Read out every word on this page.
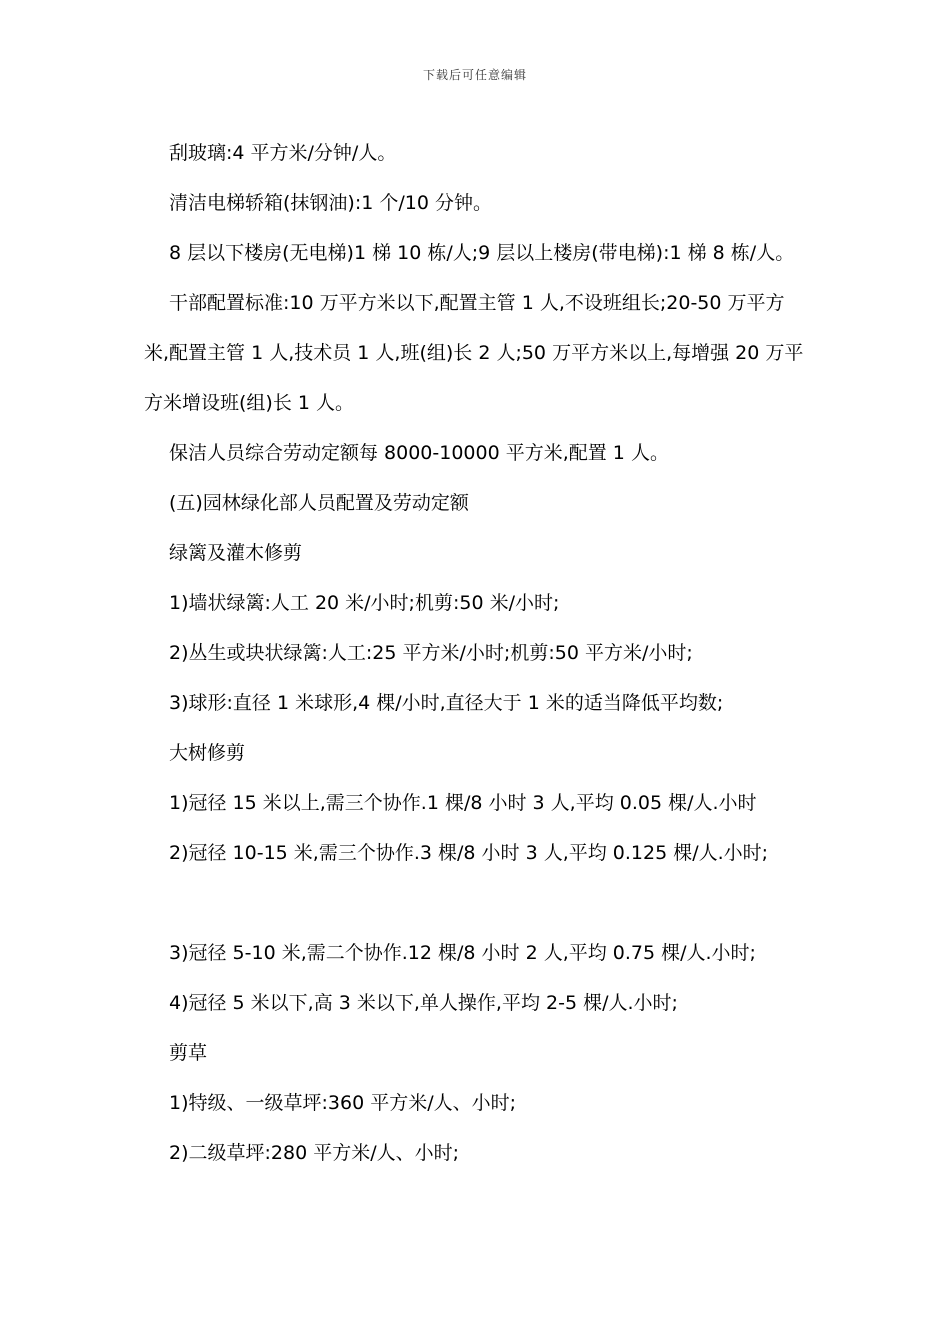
下载后可任意编辑

刮玻璃:4 平方米/分钟/人。

清洁电梯轿箱(抹钢油):1 个/10 分钟。

8 层以下楼房(无电梯)1 梯 10 栋/人;9 层以上楼房(带电梯):1 梯 8 栋/人。

干部配置标准:10 万平方米以下,配置主管 1 人,不设班组长;20-50 万平方米,配置主管 1 人,技术员 1 人,班(组)长 2 人;50 万平方米以上,每增强 20 万平方米增设班(组)长 1 人。

保洁人员综合劳动定额每 8000-10000 平方米,配置 1 人。

(五)园林绿化部人员配置及劳动定额

绿篱及灌木修剪

1)墙状绿篱:人工 20 米/小时;机剪:50 米/小时;

2)丛生或块状绿篱:人工:25 平方米/小时;机剪:50 平方米/小时;

3)球形:直径 1 米球形,4 棵/小时,直径大于 1 米的适当降低平均数;

大树修剪

1)冠径 15 米以上,需三个协作.1 棵/8 小时 3 人,平均 0.05 棵/人.小时

2)冠径 10-15 米,需三个协作.3 棵/8 小时 3 人,平均 0.125 棵/人.小时;

3)冠径 5-10 米,需二个协作.12 棵/8 小时 2 人,平均 0.75 棵/人.小时;

4)冠径 5 米以下,高 3 米以下,单人操作,平均 2-5 棵/人.小时;

剪草

1)特级、一级草坪:360 平方米/人、小时;

2)二级草坪:280 平方米/人、小时;
